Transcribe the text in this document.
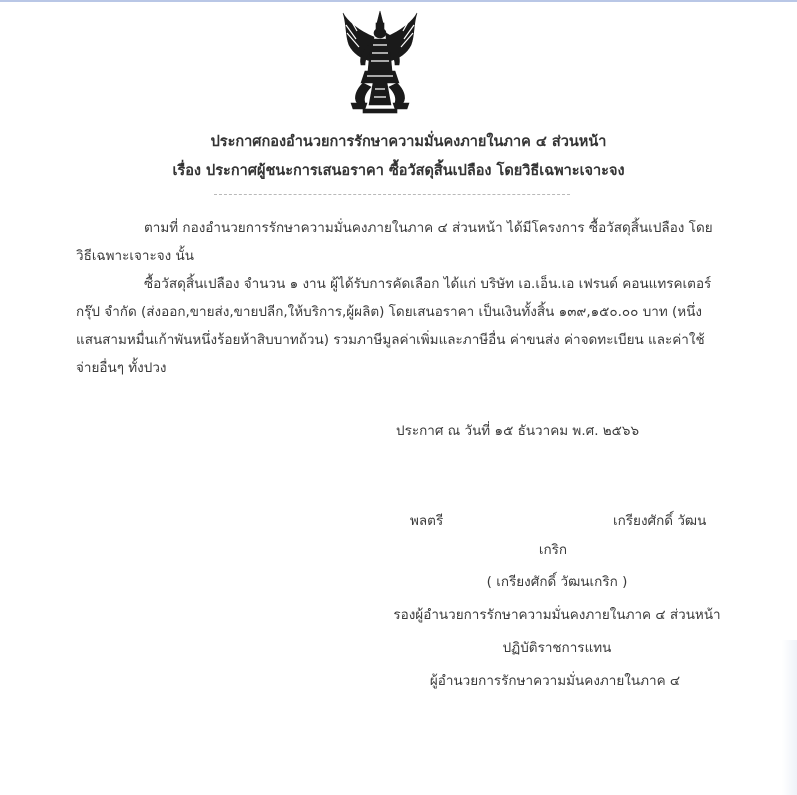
ประกาศกองอำนวยการรักษาความมั่นคงภายในภาค ๔ ส่วนหน้า
เรื่อง ประกาศผู้ชนะการเสนอราคา ซื้อวัสดุสิ้นเปลือง โดยวิธีเฉพาะเจาะจง

ตามที่ กองอำนวยการรักษาความมั่นคงภายในภาค ๔ ส่วนหน้า ได้มีโครงการ ซื้อวัสดุสิ้นเปลือง โดยวิธีเฉพาะเจาะจง นั้น

ซื้อวัสดุสิ้นเปลือง จำนวน ๑ งาน ผู้ได้รับการคัดเลือก ได้แก่ บริษัท เอ.เอ็น.เอ เฟรนด์ คอนแทรคเตอร์ กรุ๊ป จำกัด (ส่งออก,ขายส่ง,ขายปลีก,ให้บริการ,ผู้ผลิต) โดยเสนอราคา เป็นเงินทั้งสิ้น ๑๓๙,๑๕๐.๐๐ บาท (หนึ่งแสนสามหมื่นเก้าพันหนึ่งร้อยห้าสิบบาทถ้วน) รวมภาษีมูลค่าเพิ่มและภาษีอื่น ค่าขนส่ง ค่าจดทะเบียน และค่าใช้จ่ายอื่นๆ ทั้งปวง

ประกาศ ณ วันที่ ๑๕ ธันวาคม พ.ศ. ๒๕๖๖
พลตรี	เกรียงศักดิ์ วัฒน
เกริก
( เกรียงศักดิ์ วัฒนเกริก )
รองผู้อำนวยการรักษาความมั่นคงภายในภาค ๔ ส่วนหน้า
ปฏิบัติราชการแทน
ผู้อำนวยการรักษาความมั่นคงภายในภาค ๔
